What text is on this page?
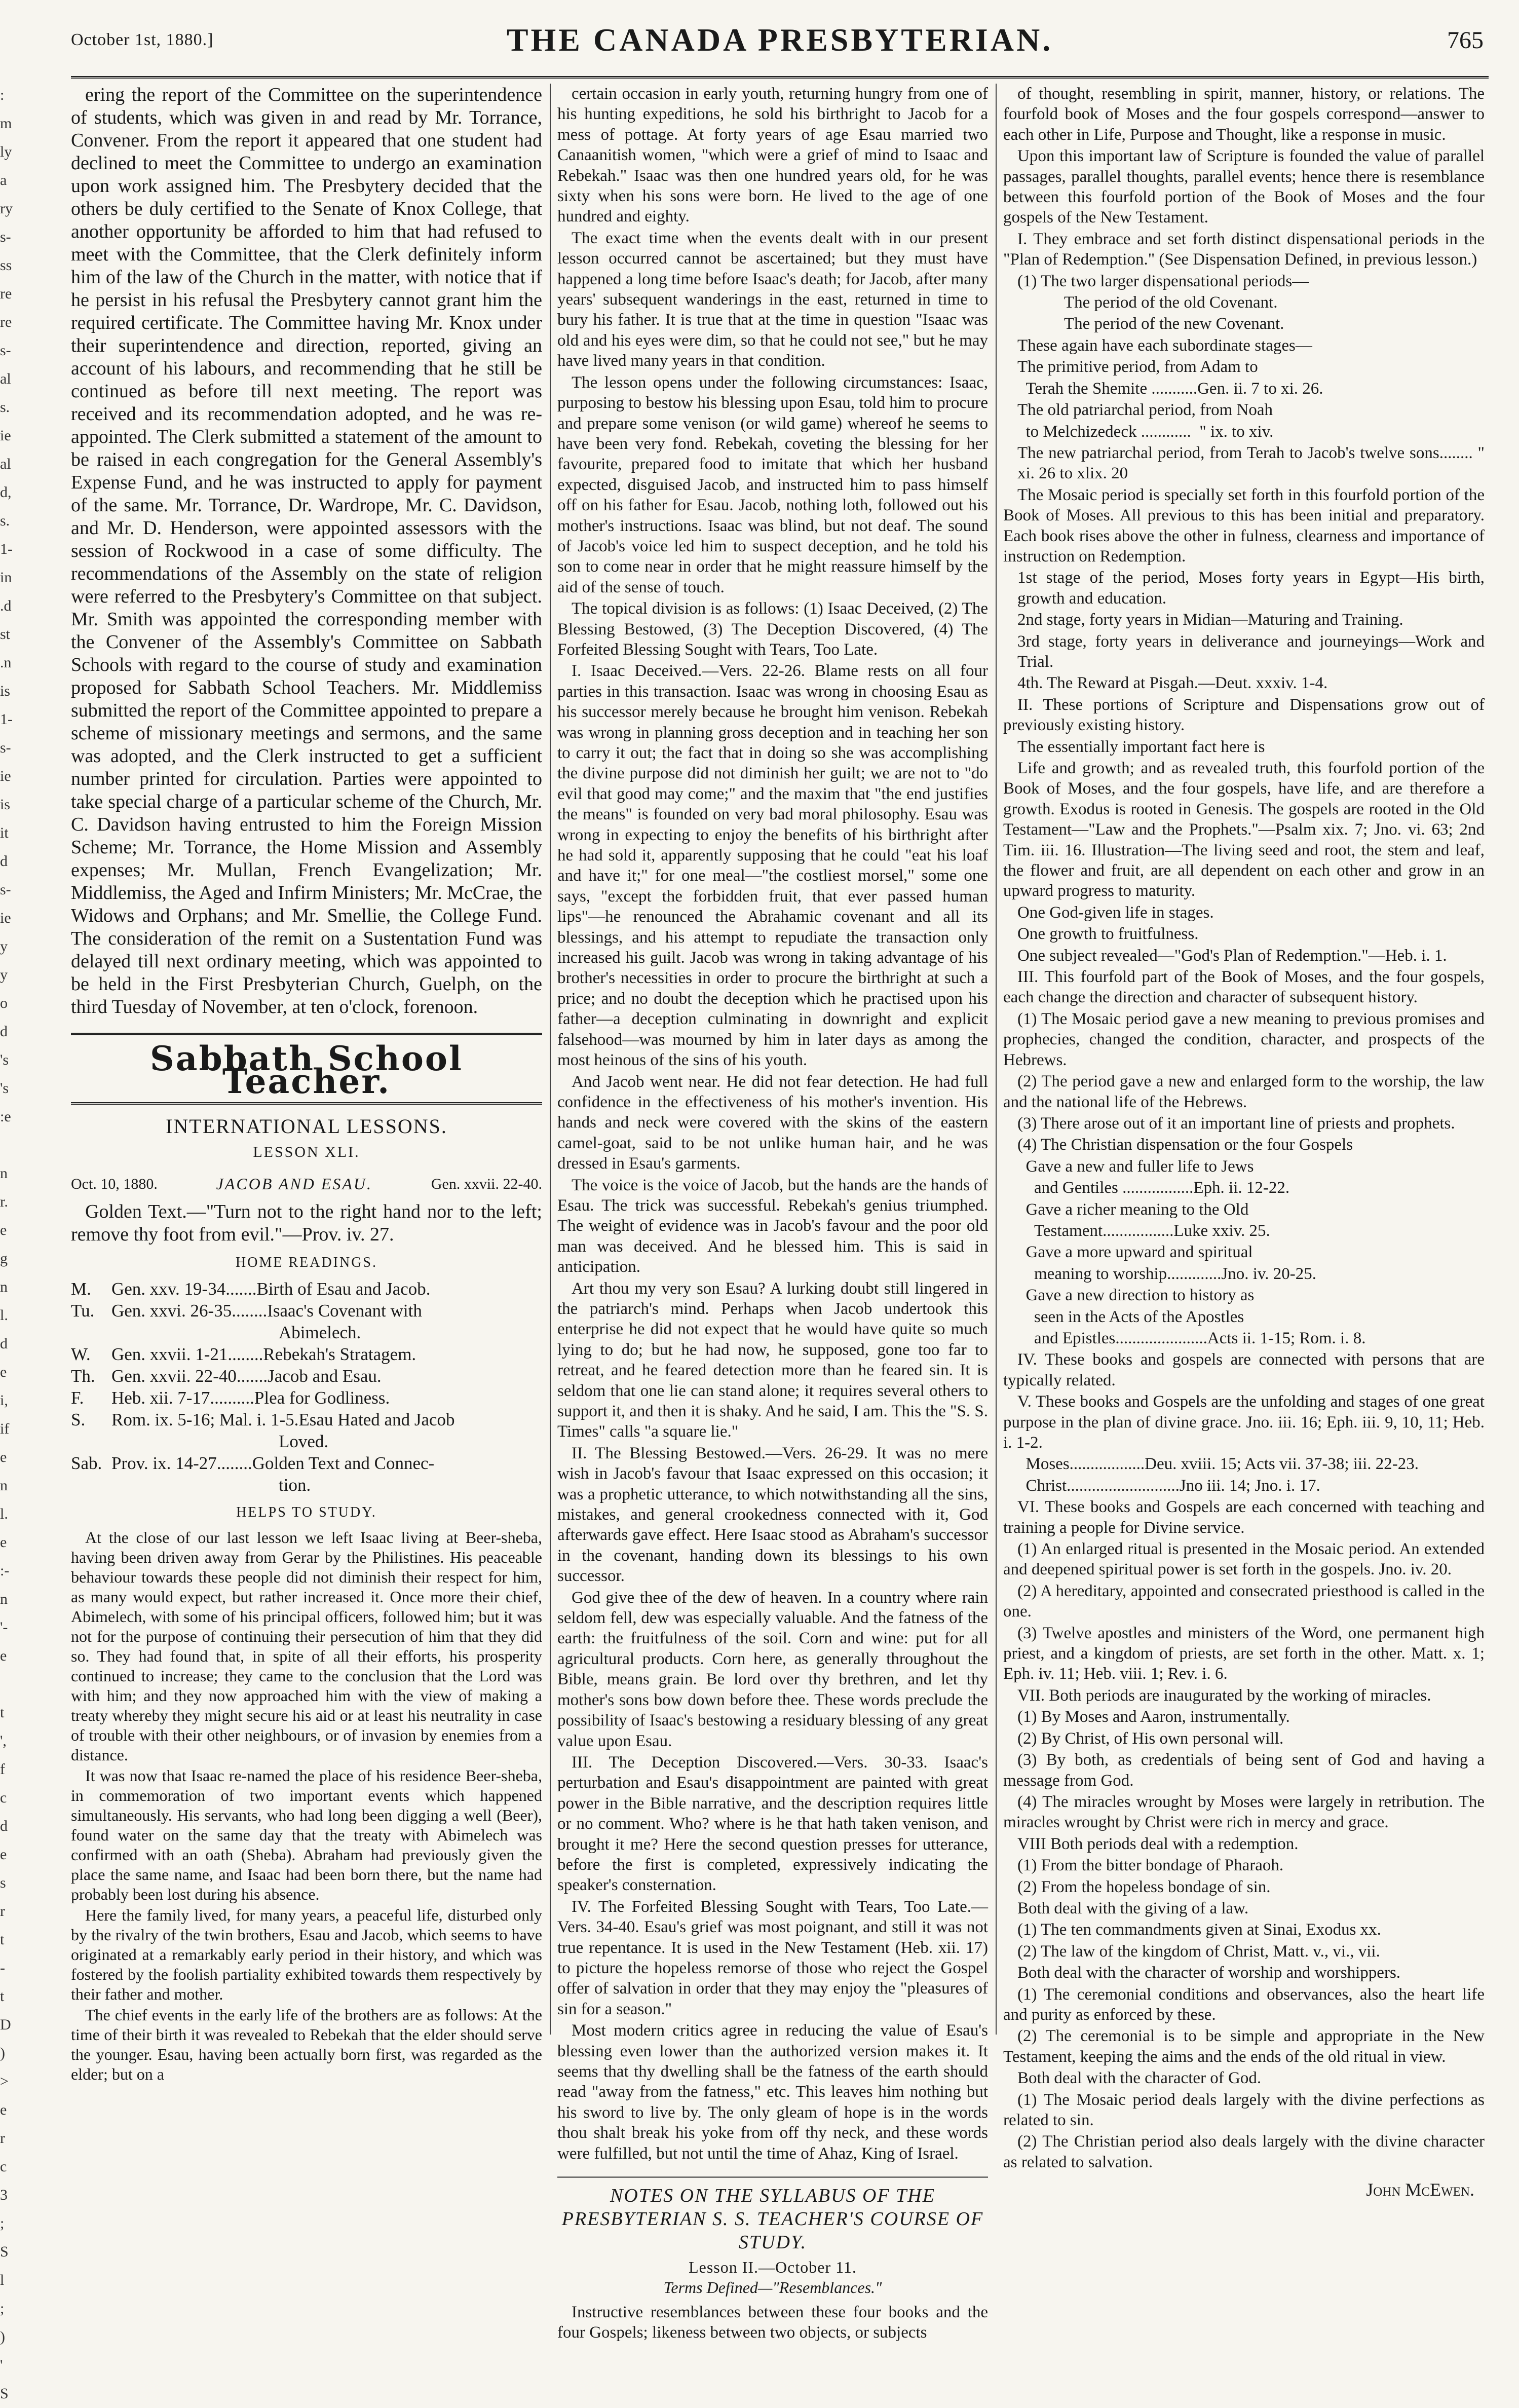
October 1st, 1880.]	THE CANADA PRESBYTERIAN.	765
:
m
ly
a
ry
s-
ss
re
re
s-
al
s.
ie
al
d,
s.
1-
in
.d
st
.n
is
1-
s-
ie
is
it
d
s-
ie
y
y
o
d
's
's
:e

n
r.
e
g
n
l.
d
e
i,
if
e
n
l.
e
:-
n
'-
e

t
',
f
c
d
e
s
r
t
-
t
D
)
>
e
r
c
3
;
S
l
;
)
'
S

ering the report of the Committee on the superintendence of students, which was given in and read by Mr. Torrance, Convener. From the report it appeared that one student had declined to meet the Committee to undergo an examination upon work assigned him. The Presbytery decided that the others be duly certified to the Senate of Knox College, that another opportunity be afforded to him that had refused to meet with the Committee, that the Clerk definitely inform him of the law of the Church in the matter, with notice that if he persist in his refusal the Presbytery cannot grant him the required certificate. The Committee having Mr. Knox under their superintendence and direction, reported, giving an account of his labours, and recommending that he still be continued as before till next meeting. The report was received and its recommendation adopted, and he was re-appointed. The Clerk submitted a statement of the amount to be raised in each congregation for the General Assembly's Expense Fund, and he was instructed to apply for payment of the same. Mr. Torrance, Dr. Wardrope, Mr. C. Davidson, and Mr. D. Henderson, were appointed assessors with the session of Rockwood in a case of some difficulty. The recommendations of the Assembly on the state of religion were referred to the Presbytery's Committee on that subject. Mr. Smith was appointed the corresponding member with the Convener of the Assembly's Committee on Sabbath Schools with regard to the course of study and examination proposed for Sabbath School Teachers. Mr. Middlemiss submitted the report of the Committee appointed to prepare a scheme of missionary meetings and sermons, and the same was adopted, and the Clerk instructed to get a sufficient number printed for circulation. Parties were appointed to take special charge of a particular scheme of the Church, Mr. C. Davidson having entrusted to him the Foreign Mission Scheme; Mr. Torrance, the Home Mission and Assembly expenses; Mr. Mullan, French Evangelization; Mr. Middlemiss, the Aged and Infirm Ministers; Mr. McCrae, the Widows and Orphans; and Mr. Smellie, the College Fund. The consideration of the remit on a Sustentation Fund was delayed till next ordinary meeting, which was appointed to be held in the First Presbyterian Church, Guelph, on the third Tuesday of November, at ten o'clock, forenoon.

Sabbath School Teacher.
INTERNATIONAL LESSONS.
LESSON XLI.
Oct. 10, 1880.	JACOB AND ESAU.	Gen. xxvii. 22-40.

Golden Text.—"Turn not to the right hand nor to the left; remove thy foot from evil."—Prov. iv. 27.

HOME READINGS.
M.	Gen. xxv. 19-34.......Birth of Esau and Jacob.
Tu. Gen. xxvi. 26-35........Isaac's Covenant with
Abimelech.
W.	Gen. xxvii. 1-21........Rebekah's Stratagem.
Th. Gen. xxvii. 22-40.......Jacob and Esau.
F.	Heb. xii. 7-17..........Plea for Godliness.
S.	Rom. ix. 5-16; Mal. i. 1-5.Esau Hated and Jacob
Loved.
Sab. Prov. ix. 14-27........Golden Text and Connec-
tion.
HELPS TO STUDY.

At the close of our last lesson we left Isaac living at Beer-sheba, having been driven away from Gerar by the Philistines. His peaceable behaviour towards these people did not diminish their respect for him, as many would expect, but rather increased it. Once more their chief, Abimelech, with some of his principal officers, followed him; but it was not for the purpose of continuing their persecution of him that they did so. They had found that, in spite of all their efforts, his prosperity continued to increase; they came to the conclusion that the Lord was with him; and they now approached him with the view of making a treaty whereby they might secure his aid or at least his neutrality in case of trouble with their other neighbours, or of invasion by enemies from a distance.

It was now that Isaac re-named the place of his residence Beer-sheba, in commemoration of two important events which happened simultaneously. His servants, who had long been digging a well (Beer), found water on the same day that the treaty with Abimelech was confirmed with an oath (Sheba). Abraham had previously given the place the same name, and Isaac had been born there, but the name had probably been lost during his absence.

Here the family lived, for many years, a peaceful life, disturbed only by the rivalry of the twin brothers, Esau and Jacob, which seems to have originated at a remarkably early period in their history, and which was fostered by the foolish partiality exhibited towards them respectively by their father and mother.

The chief events in the early life of the brothers are as follows: At the time of their birth it was revealed to Rebekah that the elder should serve the younger. Esau, having been actually born first, was regarded as the elder; but on a

certain occasion in early youth, returning hungry from one of his hunting expeditions, he sold his birthright to Jacob for a mess of pottage. At forty years of age Esau married two Canaanitish women, "which were a grief of mind to Isaac and Rebekah." Isaac was then one hundred years old, for he was sixty when his sons were born. He lived to the age of one hundred and eighty.

The exact time when the events dealt with in our present lesson occurred cannot be ascertained; but they must have happened a long time before Isaac's death; for Jacob, after many years' subsequent wanderings in the east, returned in time to bury his father. It is true that at the time in question "Isaac was old and his eyes were dim, so that he could not see," but he may have lived many years in that condition.

The lesson opens under the following circumstances: Isaac, purposing to bestow his blessing upon Esau, told him to procure and prepare some venison (or wild game) whereof he seems to have been very fond. Rebekah, coveting the blessing for her favourite, prepared food to imitate that which her husband expected, disguised Jacob, and instructed him to pass himself off on his father for Esau. Jacob, nothing loth, followed out his mother's instructions. Isaac was blind, but not deaf. The sound of Jacob's voice led him to suspect deception, and he told his son to come near in order that he might reassure himself by the aid of the sense of touch.

The topical division is as follows: (1) Isaac Deceived, (2) The Blessing Bestowed, (3) The Deception Discovered, (4) The Forfeited Blessing Sought with Tears, Too Late.

I. Isaac Deceived.—Vers. 22-26. Blame rests on all four parties in this transaction. Isaac was wrong in choosing Esau as his successor merely because he brought him venison. Rebekah was wrong in planning gross deception and in teaching her son to carry it out; the fact that in doing so she was accomplishing the divine purpose did not diminish her guilt; we are not to "do evil that good may come;" and the maxim that "the end justifies the means" is founded on very bad moral philosophy. Esau was wrong in expecting to enjoy the benefits of his birthright after he had sold it, apparently supposing that he could "eat his loaf and have it;" for one meal—"the costliest morsel," some one says, "except the forbidden fruit, that ever passed human lips"—he renounced the Abrahamic covenant and all its blessings, and his attempt to repudiate the transaction only increased his guilt. Jacob was wrong in taking advantage of his brother's necessities in order to procure the birthright at such a price; and no doubt the deception which he practised upon his father—a deception culminating in downright and explicit falsehood—was mourned by him in later days as among the most heinous of the sins of his youth.

And Jacob went near. He did not fear detection. He had full confidence in the effectiveness of his mother's invention. His hands and neck were covered with the skins of the eastern camel-goat, said to be not unlike human hair, and he was dressed in Esau's garments.

The voice is the voice of Jacob, but the hands are the hands of Esau. The trick was successful. Rebekah's genius triumphed. The weight of evidence was in Jacob's favour and the poor old man was deceived. And he blessed him. This is said in anticipation.

Art thou my very son Esau? A lurking doubt still lingered in the patriarch's mind. Perhaps when Jacob undertook this enterprise he did not expect that he would have quite so much lying to do; but he had now, he supposed, gone too far to retreat, and he feared detection more than he feared sin. It is seldom that one lie can stand alone; it requires several others to support it, and then it is shaky. And he said, I am. This the "S. S. Times" calls "a square lie."

II. The Blessing Bestowed.—Vers. 26-29. It was no mere wish in Jacob's favour that Isaac expressed on this occasion; it was a prophetic utterance, to which notwithstanding all the sins, mistakes, and general crookedness connected with it, God afterwards gave effect. Here Isaac stood as Abraham's successor in the covenant, handing down its blessings to his own successor.

God give thee of the dew of heaven. In a country where rain seldom fell, dew was especially valuable. And the fatness of the earth: the fruitfulness of the soil. Corn and wine: put for all agricultural products. Corn here, as generally throughout the Bible, means grain. Be lord over thy brethren, and let thy mother's sons bow down before thee. These words preclude the possibility of Isaac's bestowing a residuary blessing of any great value upon Esau.

III. The Deception Discovered.—Vers. 30-33. Isaac's perturbation and Esau's disappointment are painted with great power in the Bible narrative, and the description requires little or no comment. Who? where is he that hath taken venison, and brought it me? Here the second question presses for utterance, before the first is completed, expressively indicating the speaker's consternation.

IV. The Forfeited Blessing Sought with Tears, Too Late.—Vers. 34-40. Esau's grief was most poignant, and still it was not true repentance. It is used in the New Testament (Heb. xii. 17) to picture the hopeless remorse of those who reject the Gospel offer of salvation in order that they may enjoy the "pleasures of sin for a season."

Most modern critics agree in reducing the value of Esau's blessing even lower than the authorized version makes it. It seems that thy dwelling shall be the fatness of the earth should read "away from the fatness," etc. This leaves him nothing but his sword to live by. The only gleam of hope is in the words thou shalt break his yoke from off thy neck, and these words were fulfilled, but not until the time of Ahaz, King of Israel.

NOTES ON THE SYLLABUS OF THE PRESBYTERIAN S. S. TEACHER'S COURSE OF STUDY.
Lesson II.—October 11.
Terms Defined—"Resemblances."

Instructive resemblances between these four books and the four Gospels; likeness between two objects, or subjects

of thought, resembling in spirit, manner, history, or relations. The fourfold book of Moses and the four gospels correspond—answer to each other in Life, Purpose and Thought, like a response in music.

Upon this important law of Scripture is founded the value of parallel passages, parallel thoughts, parallel events; hence there is resemblance between this fourfold portion of the Book of Moses and the four gospels of the New Testament.

I. They embrace and set forth distinct dispensational periods in the "Plan of Redemption." (See Dispensation Defined, in previous lesson.)

(1) The two larger dispensational periods—

The period of the old Covenant.

The period of the new Covenant.

These again have each subordinate stages—

The primitive period, from Adam to

Terah the Shemite ...........Gen. ii. 7 to xi. 26.

The old patriarchal period, from Noah

to Melchizedeck ............  " ix. to xiv.

The new patriarchal period, from Terah to Jacob's twelve sons........ " xi. 26 to xlix. 20

The Mosaic period is specially set forth in this fourfold portion of the Book of Moses. All previous to this has been initial and preparatory. Each book rises above the other in fulness, clearness and importance of instruction on Redemption.

1st stage of the period, Moses forty years in Egypt—His birth, growth and education.

2nd stage, forty years in Midian—Maturing and Training.

3rd stage, forty years in deliverance and journeyings—Work and Trial.

4th. The Reward at Pisgah.—Deut. xxxiv. 1-4.

II. These portions of Scripture and Dispensations grow out of previously existing history.

The essentially important fact here is

Life and growth; and as revealed truth, this fourfold portion of the Book of Moses, and the four gospels, have life, and are therefore a growth. Exodus is rooted in Genesis. The gospels are rooted in the Old Testament—"Law and the Prophets."—Psalm xix. 7; Jno. vi. 63; 2nd Tim. iii. 16. Illustration—The living seed and root, the stem and leaf, the flower and fruit, are all dependent on each other and grow in an upward progress to maturity.

One God-given life in stages.

One growth to fruitfulness.

One subject revealed—"God's Plan of Redemption."—Heb. i. 1.

III. This fourfold part of the Book of Moses, and the four gospels, each change the direction and character of subsequent history.

(1) The Mosaic period gave a new meaning to previous promises and prophecies, changed the condition, character, and prospects of the Hebrews.

(2) The period gave a new and enlarged form to the worship, the law and the national life of the Hebrews.

(3) There arose out of it an important line of priests and prophets.

(4) The Christian dispensation or the four Gospels

Gave a new and fuller life to Jews

and Gentiles .................Eph. ii. 12-22.

Gave a richer meaning to the Old

Testament.................Luke xxiv. 25.

Gave a more upward and spiritual

meaning to worship.............Jno. iv. 20-25.

Gave a new direction to history as

seen in the Acts of the Apostles

and Epistles......................Acts ii. 1-15; Rom. i. 8.

IV. These books and gospels are connected with persons that are typically related.

V. These books and Gospels are the unfolding and stages of one great purpose in the plan of divine grace. Jno. iii. 16; Eph. iii. 9, 10, 11; Heb. i. 1-2.

Moses..................Deu. xviii. 15; Acts vii. 37-38; iii. 22-23.

Christ...........................Jno iii. 14; Jno. i. 17.

VI. These books and Gospels are each concerned with teaching and training a people for Divine service.

(1) An enlarged ritual is presented in the Mosaic period. An extended and deepened spiritual power is set forth in the gospels. Jno. iv. 20.

(2) A hereditary, appointed and consecrated priesthood is called in the one.

(3) Twelve apostles and ministers of the Word, one permanent high priest, and a kingdom of priests, are set forth in the other. Matt. x. 1; Eph. iv. 11; Heb. viii. 1; Rev. i. 6.

VII. Both periods are inaugurated by the working of miracles.

(1) By Moses and Aaron, instrumentally.

(2) By Christ, of His own personal will.

(3) By both, as credentials of being sent of God and having a message from God.

(4) The miracles wrought by Moses were largely in retribution. The miracles wrought by Christ were rich in mercy and grace.

VIII Both periods deal with a redemption.

(1) From the bitter bondage of Pharaoh.

(2) From the hopeless bondage of sin.

Both deal with the giving of a law.

(1) The ten commandments given at Sinai, Exodus xx.

(2) The law of the kingdom of Christ, Matt. v., vi., vii.

Both deal with the character of worship and worshippers.

(1) The ceremonial conditions and observances, also the heart life and purity as enforced by these.

(2) The ceremonial is to be simple and appropriate in the New Testament, keeping the aims and the ends of the old ritual in view.

Both deal with the character of God.

(1) The Mosaic period deals largely with the divine perfections as related to sin.

(2) The Christian period also deals largely with the divine character as related to salvation.

John McEwen.
